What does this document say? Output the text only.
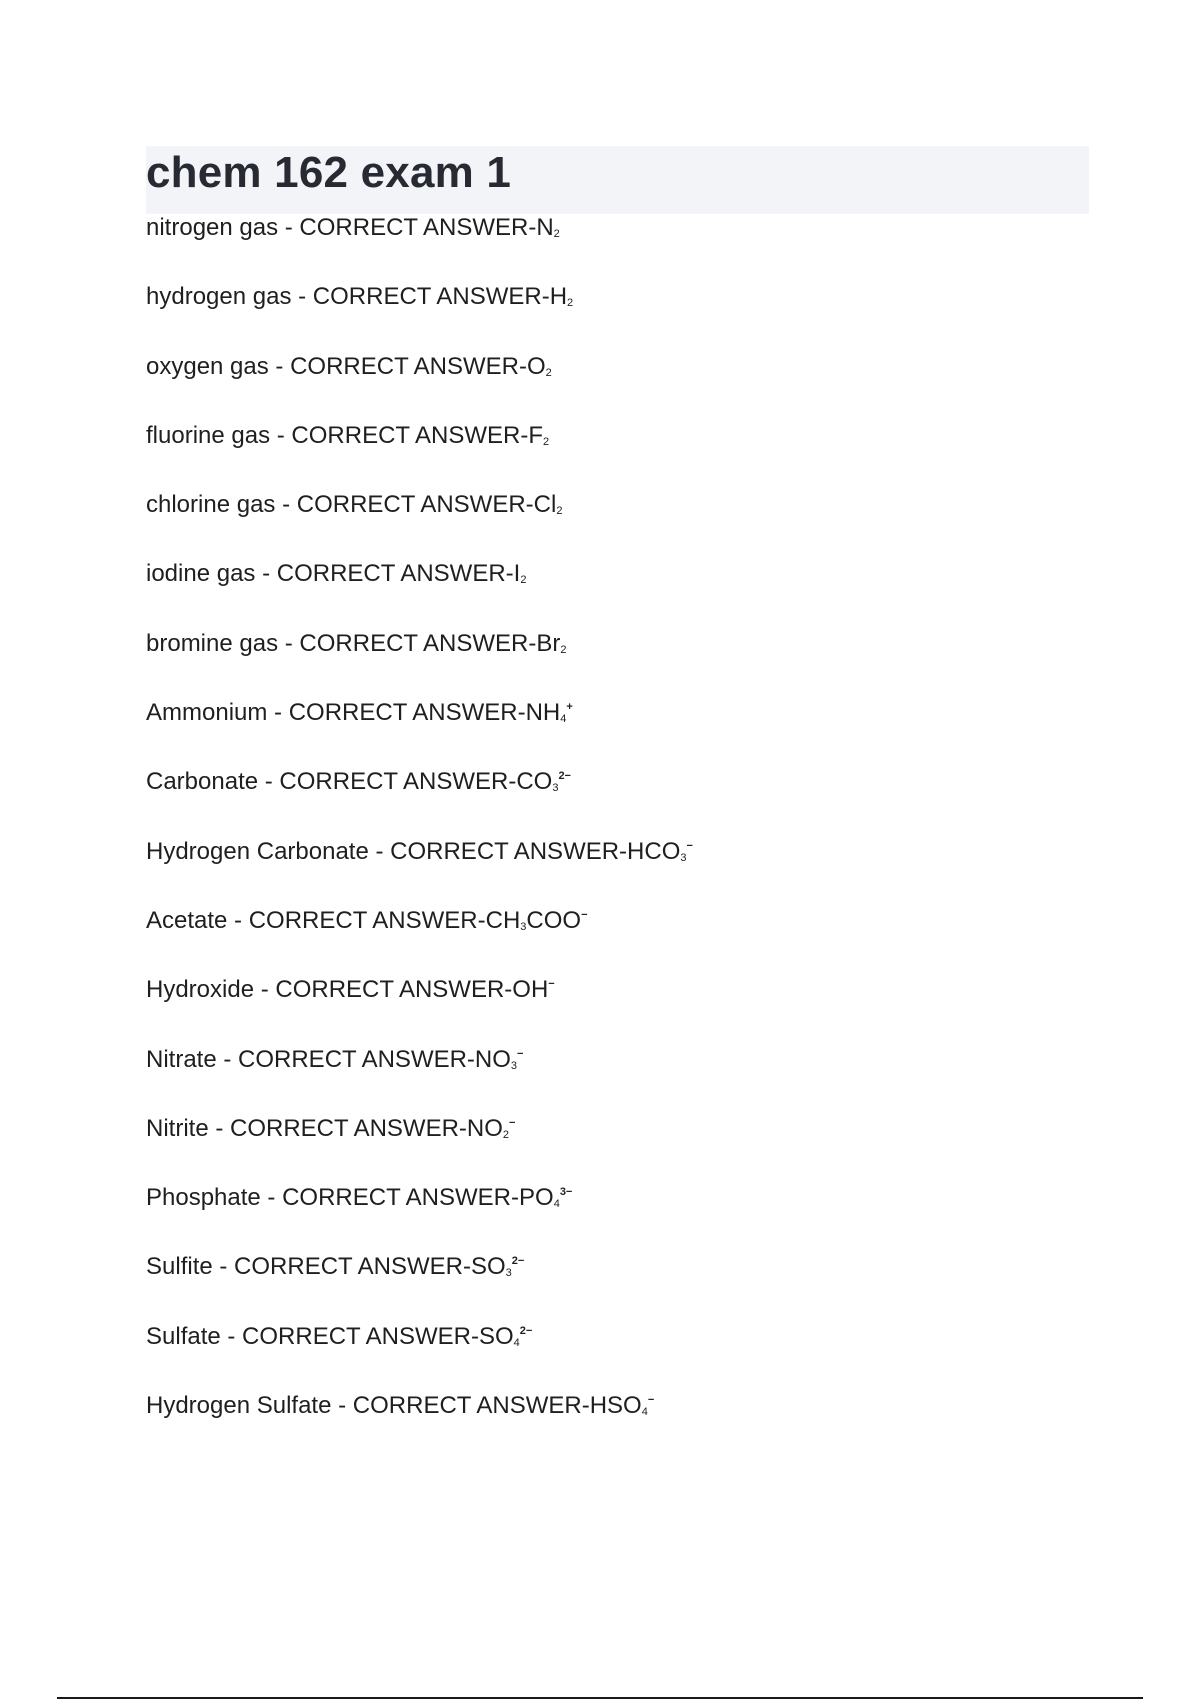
chem 162 exam 1
nitrogen gas - CORRECT ANSWER-$N_2$
hydrogen gas - CORRECT ANSWER-$H_2$
oxygen gas - CORRECT ANSWER-$O_2$
fluorine gas - CORRECT ANSWER-$F_2$
chlorine gas - CORRECT ANSWER-$Cl_2$
iodine gas - CORRECT ANSWER-$I_2$
bromine gas - CORRECT ANSWER-$Br_2$
Ammonium - CORRECT ANSWER-$NH_4^+$
Carbonate - CORRECT ANSWER-$CO_3^{2-}$
Hydrogen Carbonate - CORRECT ANSWER-$HCO_3^-$
Acetate - CORRECT ANSWER-$CH_3COO^-$
Hydroxide - CORRECT ANSWER-OH−
Nitrate - CORRECT ANSWER-$NO_3^-$
Nitrite - CORRECT ANSWER-$NO_2^-$
Phosphate - CORRECT ANSWER-$PO_4^{3-}$
Sulfite - CORRECT ANSWER-$SO_3^{2-}$
Sulfate - CORRECT ANSWER-$SO_4^{2-}$
Hydrogen Sulfate - CORRECT ANSWER-$HSO_4^-$
